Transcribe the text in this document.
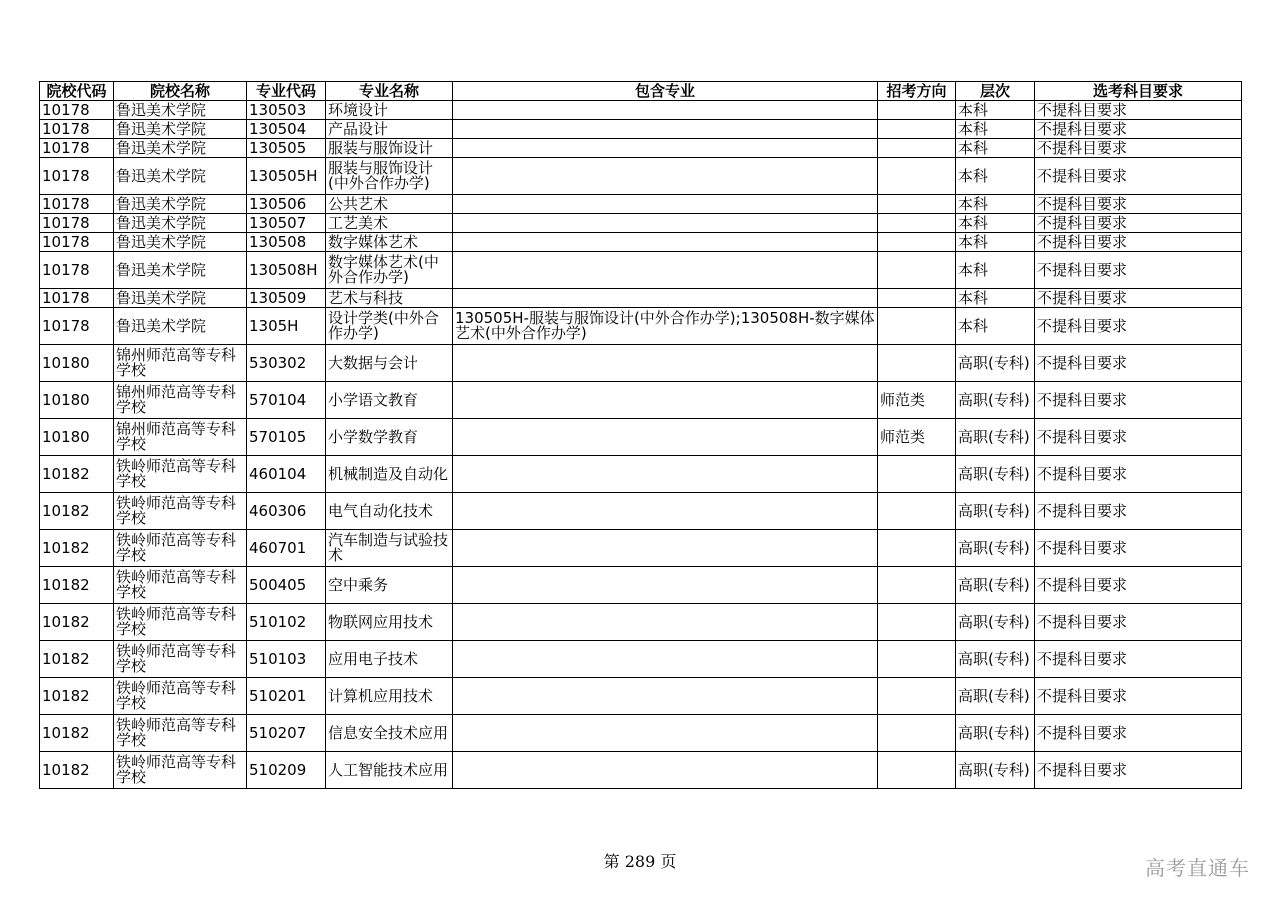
院校代码	院校名称	专业代码	专业名称	包含专业	招考方向	层次	选考科目要求
10178	鲁迅美术学院	130503	环境设计			本科	不提科目要求
10178	鲁迅美术学院	130504	产品设计			本科	不提科目要求
10178	鲁迅美术学院	130505	服装与服饰设计			本科	不提科目要求
10178	鲁迅美术学院	130505H	服装与服饰设计(中外合作办学)			本科	不提科目要求
10178	鲁迅美术学院	130506	公共艺术			本科	不提科目要求
10178	鲁迅美术学院	130507	工艺美术			本科	不提科目要求
10178	鲁迅美术学院	130508	数字媒体艺术			本科	不提科目要求
10178	鲁迅美术学院	130508H	数字媒体艺术(中外合作办学)			本科	不提科目要求
10178	鲁迅美术学院	130509	艺术与科技			本科	不提科目要求
10178	鲁迅美术学院	1305H	设计学类(中外合作办学)	130505H-服装与服饰设计(中外合作办学);130508H-数字媒体艺术(中外合作办学)		本科	不提科目要求
10180	锦州师范高等专科学校	530302	大数据与会计			高职(专科)	不提科目要求
10180	锦州师范高等专科学校	570104	小学语文教育		师范类	高职(专科)	不提科目要求
10180	锦州师范高等专科学校	570105	小学数学教育		师范类	高职(专科)	不提科目要求
10182	铁岭师范高等专科学校	460104	机械制造及自动化			高职(专科)	不提科目要求
10182	铁岭师范高等专科学校	460306	电气自动化技术			高职(专科)	不提科目要求
10182	铁岭师范高等专科学校	460701	汽车制造与试验技术			高职(专科)	不提科目要求
10182	铁岭师范高等专科学校	500405	空中乘务			高职(专科)	不提科目要求
10182	铁岭师范高等专科学校	510102	物联网应用技术			高职(专科)	不提科目要求
10182	铁岭师范高等专科学校	510103	应用电子技术			高职(专科)	不提科目要求
10182	铁岭师范高等专科学校	510201	计算机应用技术			高职(专科)	不提科目要求
10182	铁岭师范高等专科学校	510207	信息安全技术应用			高职(专科)	不提科目要求
10182	铁岭师范高等专科学校	510209	人工智能技术应用			高职(专科)	不提科目要求
第 289 页	高考直通车
